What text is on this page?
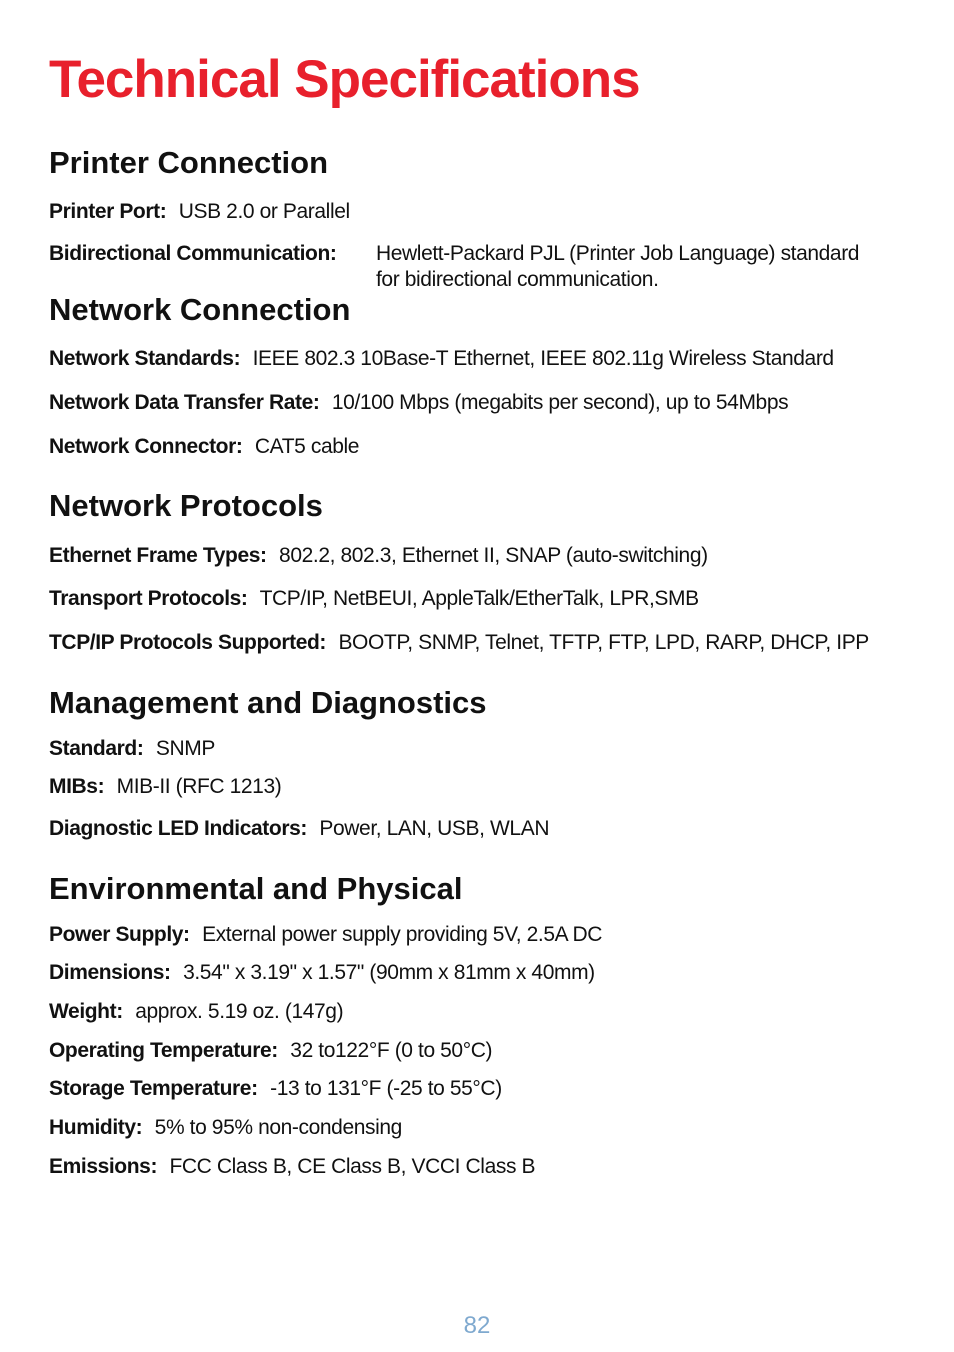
Technical Specifications
Printer Connection
Printer Port: USB 2.0 or Parallel
Bidirectional Communication:	Hewlett-Packard PJL (Printer Job Language) standard
for bidirectional communication.
Network Connection
Network Standards: IEEE 802.3 10Base-T Ethernet, IEEE 802.11g Wireless Standard
Network Data Transfer Rate: 10/100 Mbps (megabits per second), up to 54Mbps
Network Connector: CAT5 cable
Network Protocols
Ethernet Frame Types: 802.2, 802.3, Ethernet II, SNAP (auto-switching)
Transport Protocols: TCP/IP, NetBEUI, AppleTalk/EtherTalk, LPR,SMB
TCP/IP Protocols Supported: BOOTP, SNMP, Telnet, TFTP, FTP, LPD, RARP, DHCP, IPP
Management and Diagnostics
Standard: SNMP
MIBs: MIB-II (RFC 1213)
Diagnostic LED Indicators: Power, LAN, USB, WLAN
Environmental and Physical
Power Supply: External power supply providing 5V, 2.5A DC
Dimensions: 3.54" x 3.19" x 1.57" (90mm x 81mm x 40mm)
Weight: approx. 5.19 oz. (147g)
Operating Temperature: 32 to122°F (0 to 50°C)
Storage Temperature: -13 to 131°F (-25 to 55°C)
Humidity: 5% to 95% non-condensing
Emissions: FCC Class B, CE Class B, VCCI Class B
82
